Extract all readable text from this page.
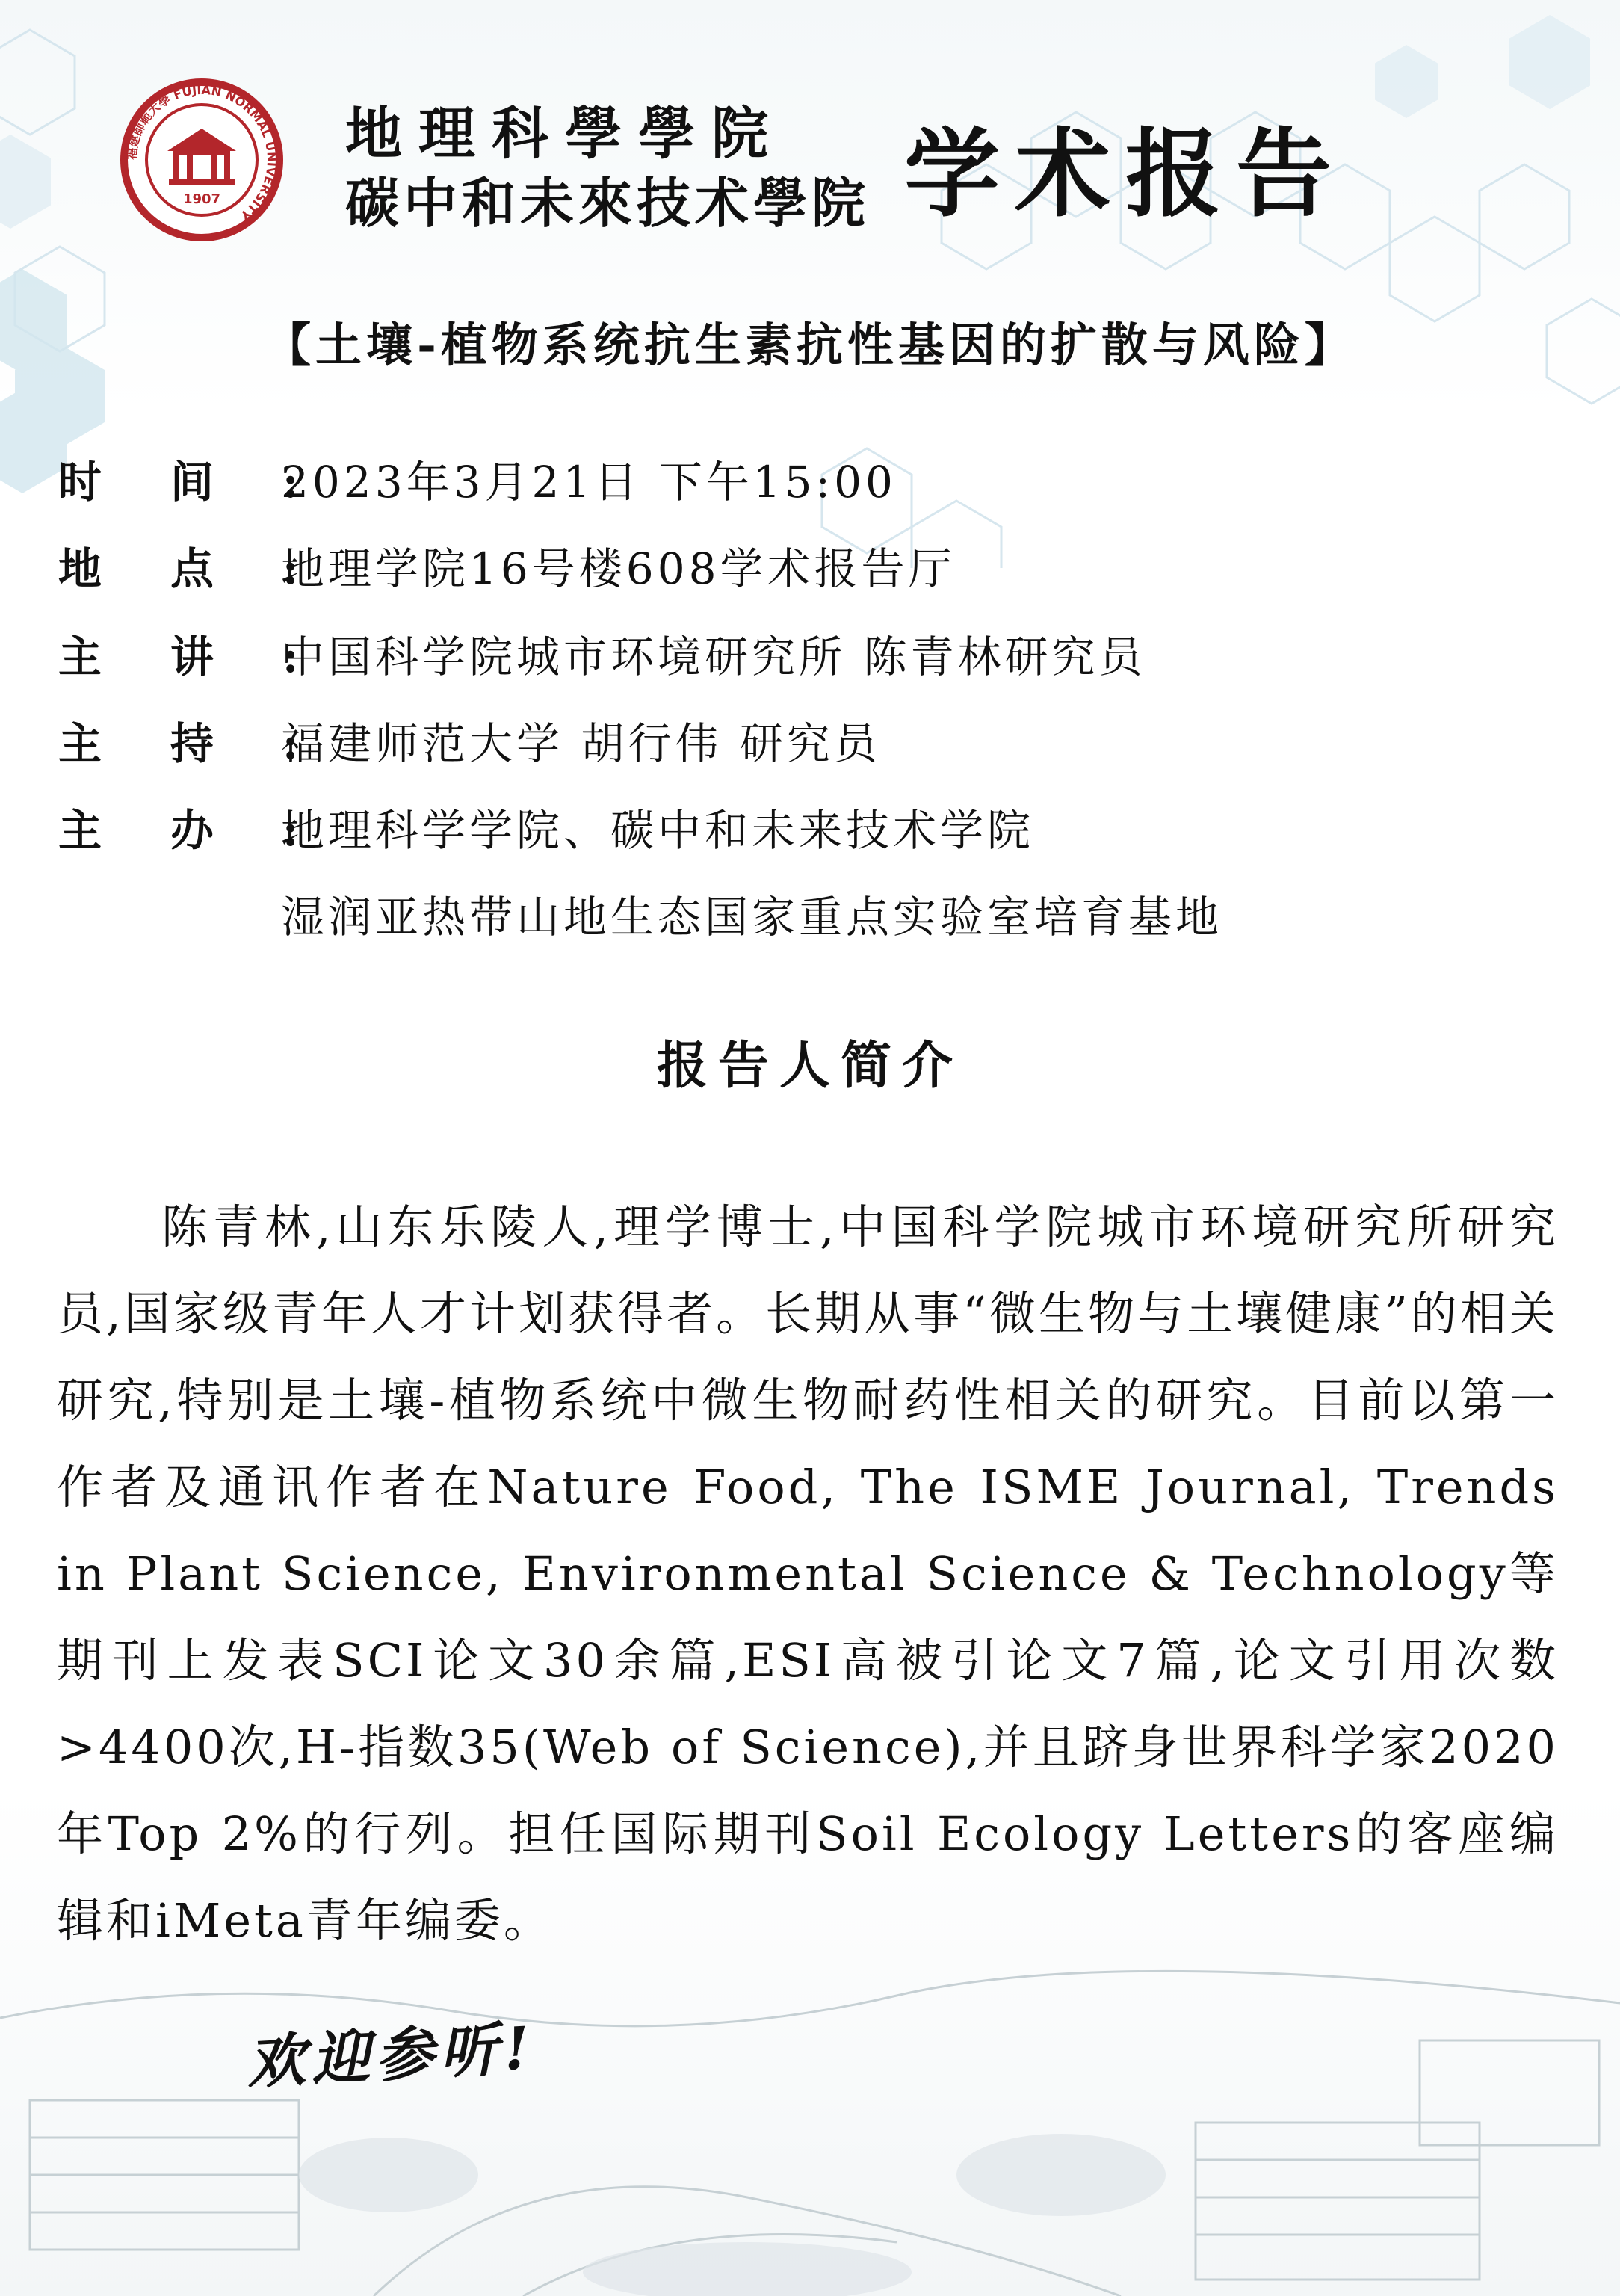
福建師範大學 FUJIAN NORMAL UNIVERSITY
1907
地理科學學院
碳中和未來技术學院 学术报告
【土壤-植物系统抗生素抗性基因的扩散与风险】
时间:
2023年3月21日 下午15:00
地点:
地理学院16号楼608学术报告厅
主讲:
中国科学院城市环境研究所 陈青林研究员
主持:
福建师范大学 胡行伟 研究员
主办:
地理科学学院、碳中和未来技术学院
湿润亚热带山地生态国家重点实验室培育基地
报告人简介

陈青林,山东乐陵人,理学博士,中国科学院城市环境研究所研究员,国家级青年人才计划获得者。长期从事“微生物与土壤健康”的相关研究,特别是土壤-植物系统中微生物耐药性相关的研究。目前以第一作者及通讯作者在Nature Food, The ISME Journal, Trends in Plant Science, Environmental Science & Technology等期刊上发表SCI论文30余篇,ESI高被引论文7篇,论文引用次数>4400次,H-指数35(Web of Science),并且跻身世界科学家2020年Top 2%的行列。担任国际期刊Soil Ecology Letters的客座编辑和iMeta青年编委。

欢迎参听!
